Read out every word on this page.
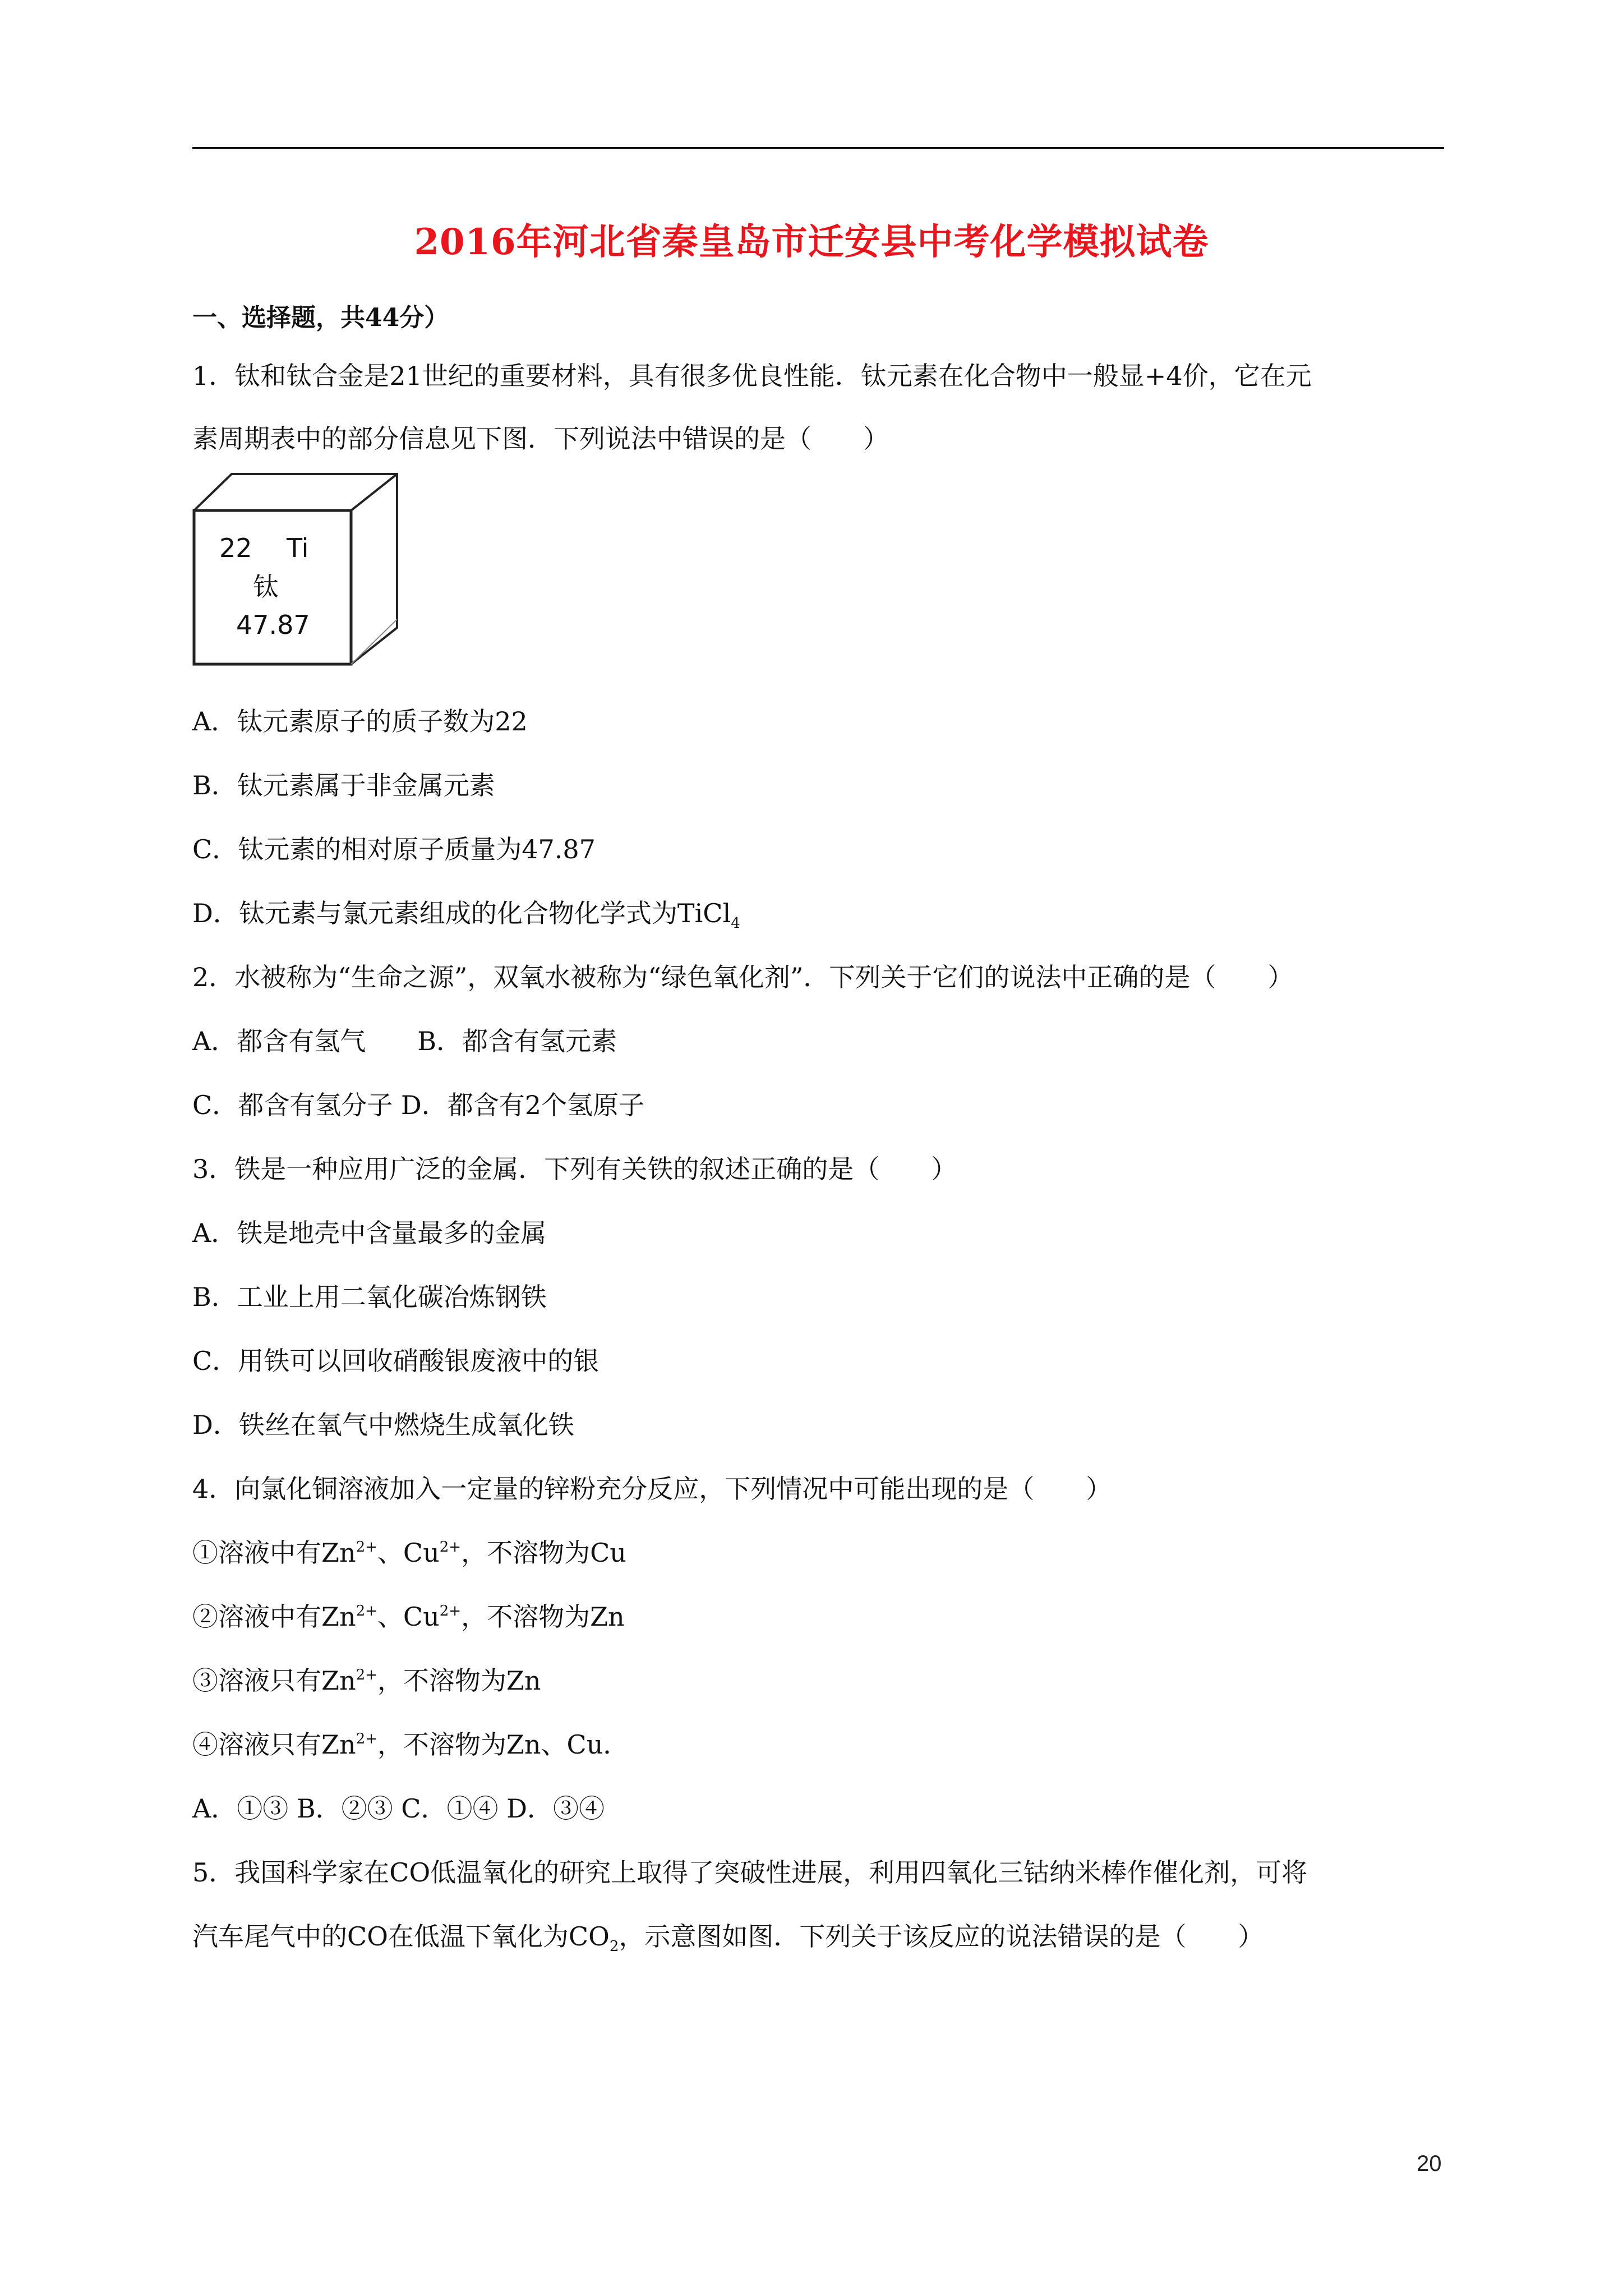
2016年河北省秦皇岛市迁安县中考化学模拟试卷
一、选择题，共44分）
1．钛和钛合金是21世纪的重要材料，具有很多优良性能．钛元素在化合物中一般显+4价，它在元
素周期表中的部分信息见下图．下列说法中错误的是（　　）
22 Ti
钛
47.87
A．钛元素原子的质子数为22
B．钛元素属于非金属元素
C．钛元素的相对原子质量为47.87
D．钛元素与氯元素组成的化合物化学式为TiCl$_4$
2．水被称为“生命之源”，双氧水被称为“绿色氧化剂”．下列关于它们的说法中正确的是（　　）
A．都含有氢气　　B．都含有氢元素
C．都含有氢分子 D．都含有2个氢原子
3．铁是一种应用广泛的金属．下列有关铁的叙述正确的是（　　）
A．铁是地壳中含量最多的金属
B．工业上用二氧化碳冶炼钢铁
C．用铁可以回收硝酸银废液中的银
D．铁丝在氧气中燃烧生成氧化铁
4．向氯化铜溶液加入一定量的锌粉充分反应，下列情况中可能出现的是（　　）
①溶液中有$Zn^{2+}$、$Cu^{2+}$，不溶物为Cu
②溶液中有$Zn^{2+}$、$Cu^{2+}$，不溶物为Zn
③溶液只有$Zn^{2+}$，不溶物为Zn
④溶液只有$Zn^{2+}$，不溶物为Zn、Cu．
A．①③ B．②③ C．①④ D．③④
5．我国科学家在CO低温氧化的研究上取得了突破性进展，利用四氧化三钴纳米棒作催化剂，可将
汽车尾气中的CO在低温下氧化为$CO_2$，示意图如图．下列关于该反应的说法错误的是（　　）
20
